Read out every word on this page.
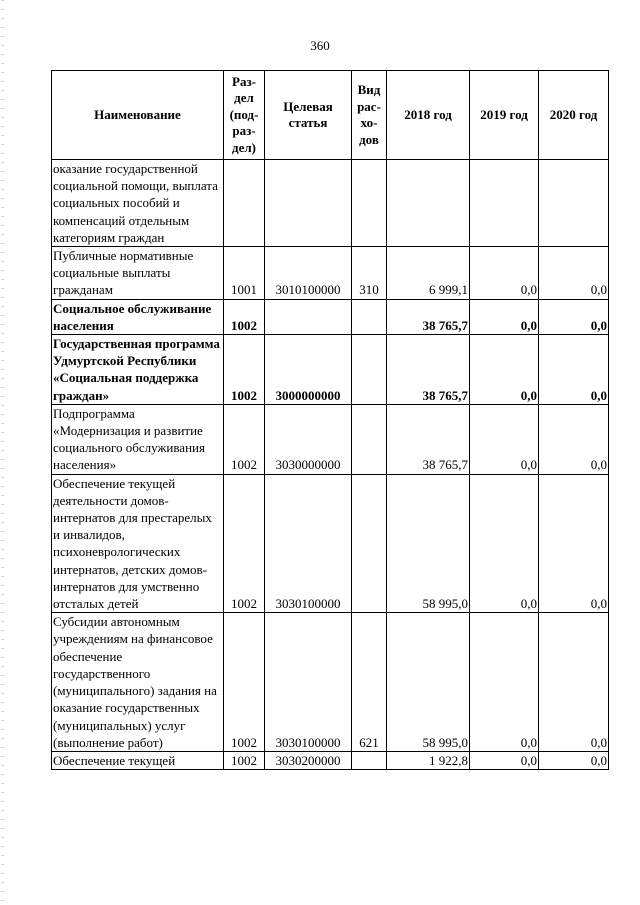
360
Наименование	Раз-
дел
(под-
раз-
дел)	Целевая
статья	Вид
рас-
хо-
дов	2018 год	2019 год	2020 год
оказание государственной социальной помощи, выплата социальных пособий и компенсаций отдельным категориям граждан						
Публичные нормативные социальные выплаты гражданам	1001	3010100000	310	6 999,1	0,0	0,0
Социальное обслуживание населения	1002			38 765,7	0,0	0,0
Государственная программа Удмуртской Республики «Социальная поддержка граждан»	1002	3000000000		38 765,7	0,0	0,0
Подпрограмма «Модернизация и развитие социального обслуживания населения»	1002	3030000000		38 765,7	0,0	0,0
Обеспечение текущей деятельности домов-интернатов для престарелых и инвалидов, психоневрологических интернатов, детских домов-интернатов для умственно отсталых детей	1002	3030100000		58 995,0	0,0	0,0
Субсидии автономным учреждениям на финансовое обеспечение государственного (муниципального) задания на оказание государственных (муниципальных) услуг (выполнение работ)	1002	3030100000	621	58 995,0	0,0	0,0
Обеспечение текущей	1002	3030200000		1 922,8	0,0	0,0
